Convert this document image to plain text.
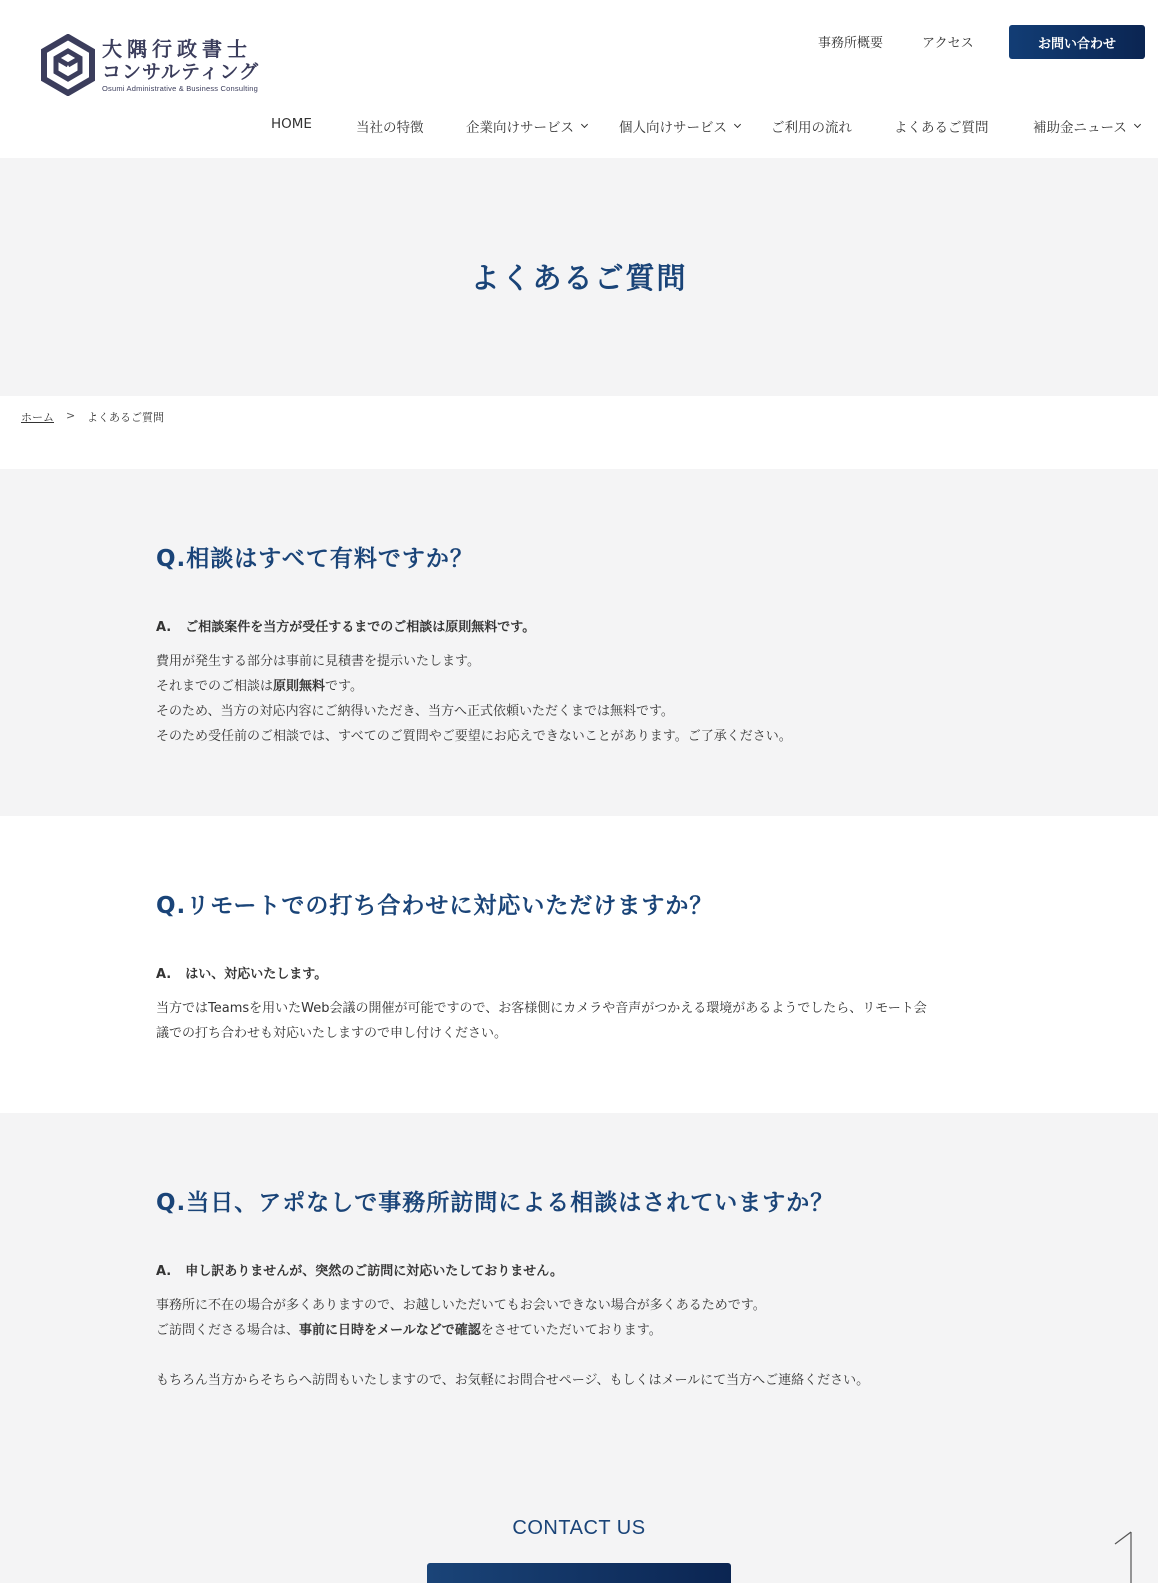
大隅行政書士
コンサルティング
Osumi Administrative & Business Consulting
事務所概要	アクセス	お問い合わせ
HOME	当社の特徴	企業向けサービス	個人向けサービス	ご利用の流れ	よくあるご質問	補助金ニュース
よくあるご質問
ホーム > よくあるご質問
Q.相談はすべて有料ですか？
A. ご相談案件を当方が受任するまでのご相談は原則無料です。

費用が発生する部分は事前に見積書を提示いたします。

それまでのご相談は原則無料です。

そのため、当方の対応内容にご納得いただき、当方へ正式依頼いただくまでは無料です。

そのため受任前のご相談では、すべてのご質問やご要望にお応えできないことがあります。ご了承ください。

Q.リモートでの打ち合わせに対応いただけますか？
A. はい、対応いたします。

当方ではTeamsを用いたWeb会議の開催が可能ですので、お客様側にカメラや音声がつかえる環境があるようでしたら、リモート会

議での打ち合わせも対応いたしますので申し付けください。

Q.当日、アポなしで事務所訪問による相談はされていますか？
A. 申し訳ありませんが、突然のご訪問に対応いたしておりません。

事務所に不在の場合が多くありますので、お越しいただいてもお会いできない場合が多くあるためです。

ご訪問くださる場合は、事前に日時をメールなどで確認をさせていただいております。

もちろん当方からそちらへ訪問もいたしますので、お気軽にお問合せページ、もしくはメールにて当方へご連絡ください。

CONTACT US
